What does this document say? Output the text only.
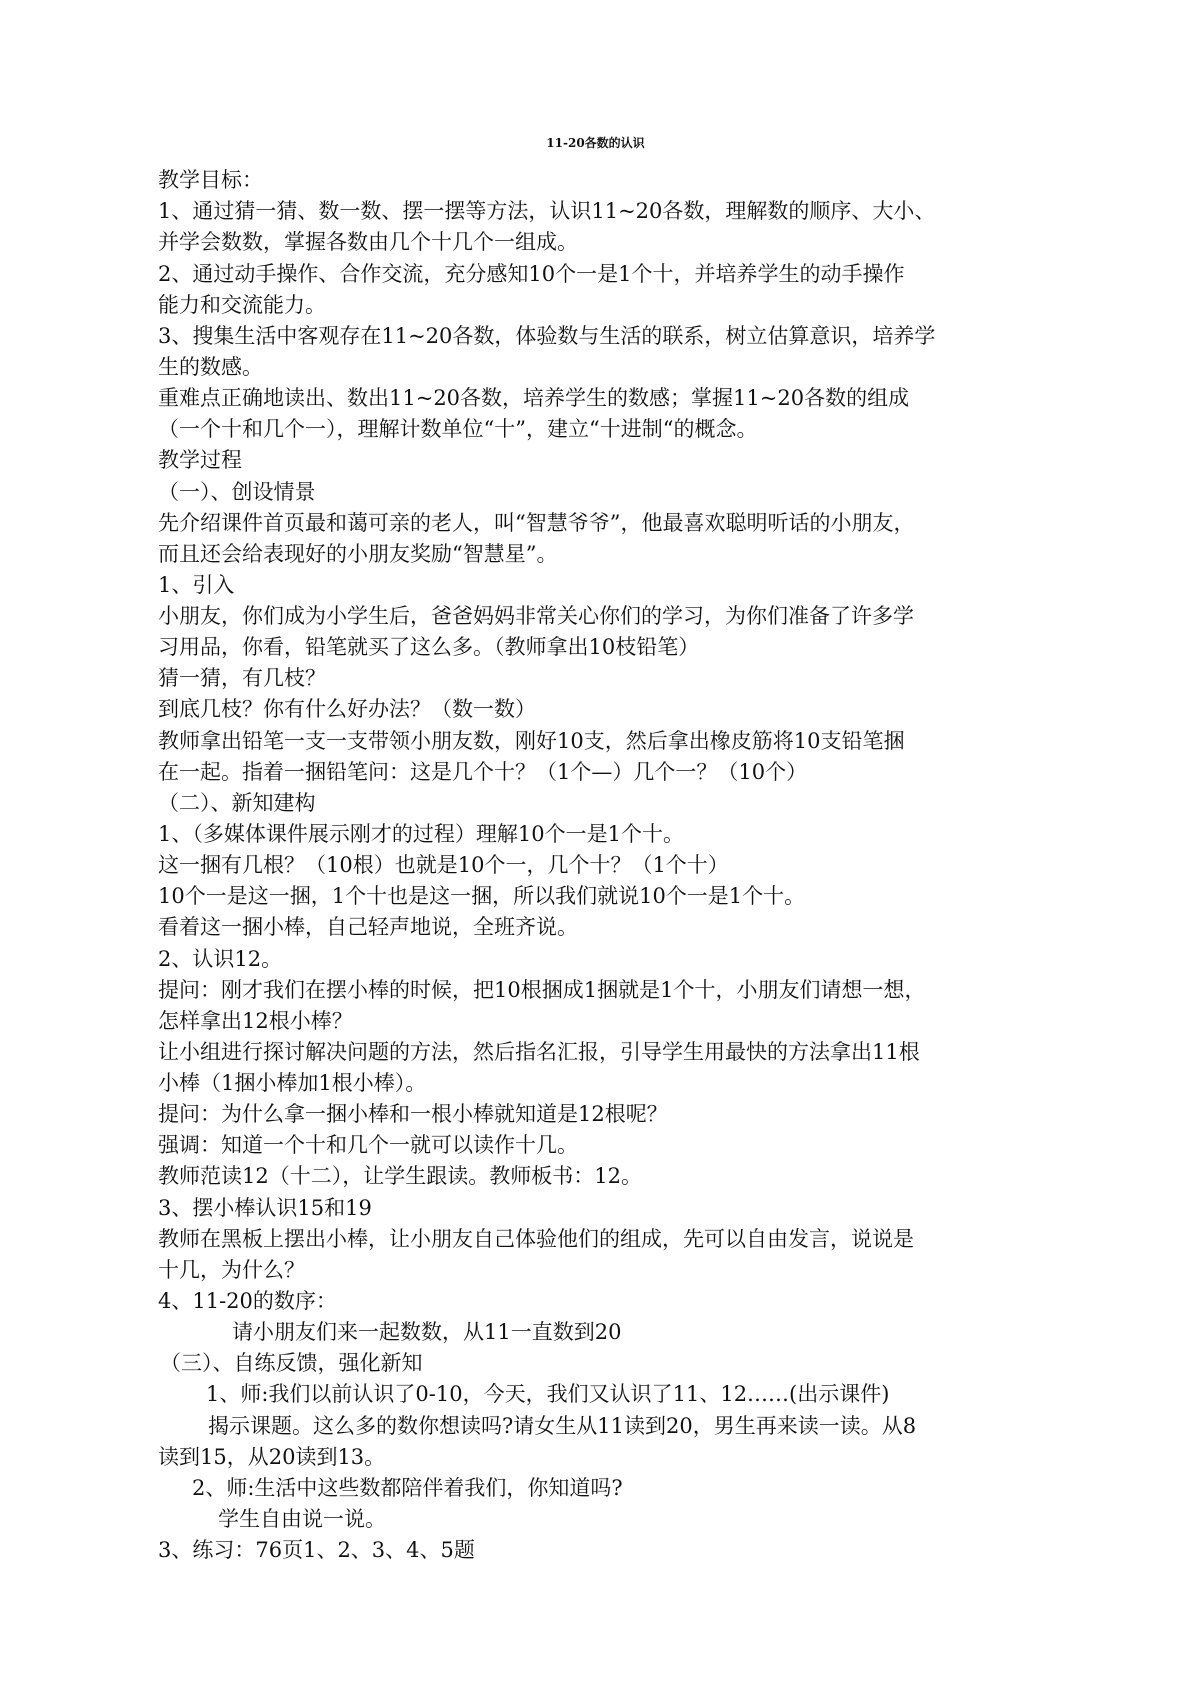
11-20各数的认识
教学目标：
1、通过猜一猜、数一数、摆一摆等方法，认识11~20各数，理解数的顺序、大小、
并学会数数，掌握各数由几个十几个一组成。
2、通过动手操作、合作交流，充分感知10个一是1个十，并培养学生的动手操作
能力和交流能力。
3、搜集生活中客观存在11~20各数，体验数与生活的联系，树立估算意识，培养学
生的数感。
重难点正确地读出、数出11~20各数，培养学生的数感；掌握11~20各数的组成
（一个十和几个一），理解计数单位“十”，建立“十进制“的概念。
教学过程
（一）、创设情景
先介绍课件首页最和蔼可亲的老人，叫“智慧爷爷”，他最喜欢聪明听话的小朋友，
而且还会给表现好的小朋友奖励“智慧星”。
1、引入
小朋友，你们成为小学生后，爸爸妈妈非常关心你们的学习，为你们准备了许多学
习用品，你看，铅笔就买了这么多。（教师拿出10枝铅笔）
猜一猜，有几枝？
到底几枝？你有什么好办法？（数一数）
教师拿出铅笔一支一支带领小朋友数，刚好10支，然后拿出橡皮筋将10支铅笔捆
在一起。指着一捆铅笔问：这是几个十？（1个—）几个一？（10个）
（二）、新知建构
1、（多媒体课件展示刚才的过程）理解10个一是1个十。
这一捆有几根？（10根）也就是10个一，几个十？（1个十）
10个一是这一捆，1个十也是这一捆，所以我们就说10个一是1个十。
看着这一捆小棒，自己轻声地说，全班齐说。
2、认识12。
提问：刚才我们在摆小棒的时候，把10根捆成1捆就是1个十，小朋友们请想一想，
怎样拿出12根小棒？
让小组进行探讨解决问题的方法，然后指名汇报，引导学生用最快的方法拿出11根
小棒（1捆小棒加1根小棒）。
提问：为什么拿一捆小棒和一根小棒就知道是12根呢？
强调：知道一个十和几个一就可以读作十几。
教师范读12（十二），让学生跟读。教师板书：12。
3、摆小棒认识15和19
教师在黑板上摆出小棒，让小朋友自己体验他们的组成，先可以自由发言，说说是
十几，为什么？
4、11-20的数序：
请小朋友们来一起数数，从11一直数到20
（三）、自练反馈，强化新知
1、师:我们以前认识了0-10，今天，我们又认识了11、12……(出示课件)
揭示课题。这么多的数你想读吗?请女生从11读到20，男生再来读一读。从8
读到15，从20读到13。
2、师:生活中这些数都陪伴着我们，你知道吗?
学生自由说一说。
3、练习：76页1、2、3、4、5题
